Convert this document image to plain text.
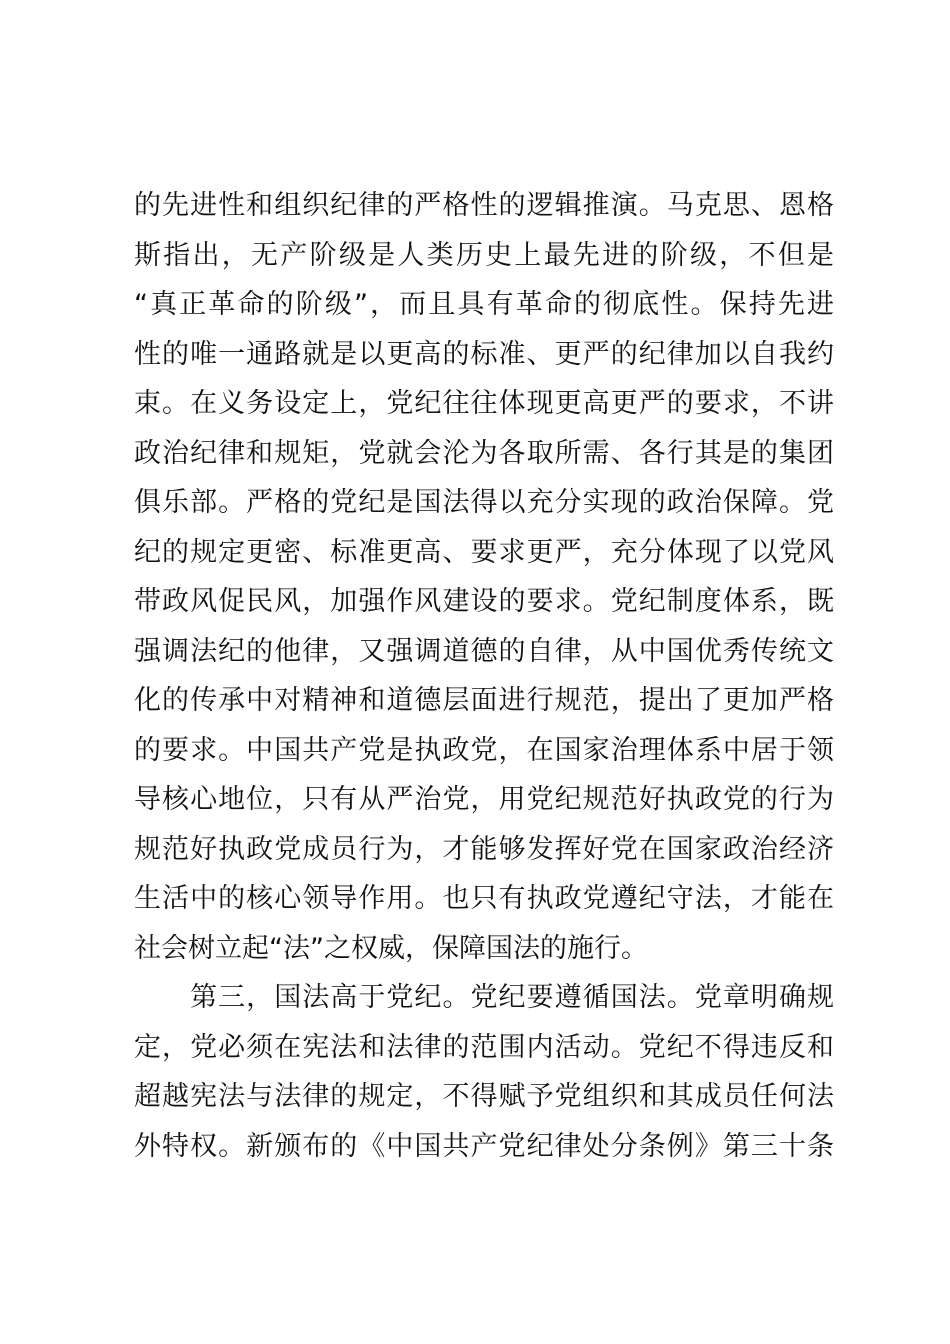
的先进性和组织纪律的严格性的逻辑推演。马克思、恩格
斯指出，无产阶级是人类历史上最先进的阶级，不但是
“真正革命的阶级”，而且具有革命的彻底性。保持先进
性的唯一通路就是以更高的标准、更严的纪律加以自我约
束。在义务设定上，党纪往往体现更高更严的要求，不讲
政治纪律和规矩，党就会沦为各取所需、各行其是的集团
俱乐部。严格的党纪是国法得以充分实现的政治保障。党
纪的规定更密、标准更高、要求更严，充分体现了以党风
带政风促民风，加强作风建设的要求。党纪制度体系，既
强调法纪的他律，又强调道德的自律，从中国优秀传统文
化的传承中对精神和道德层面进行规范，提出了更加严格
的要求。中国共产党是执政党，在国家治理体系中居于领
导核心地位，只有从严治党，用党纪规范好执政党的行为
规范好执政党成员行为，才能够发挥好党在国家政治经济
生活中的核心领导作用。也只有执政党遵纪守法，才能在
社会树立起“法”之权威，保障国法的施行。
　　第三，国法高于党纪。党纪要遵循国法。党章明确规
定，党必须在宪法和法律的范围内活动。党纪不得违反和
超越宪法与法律的规定，不得赋予党组织和其成员任何法
外特权。新颁布的《中国共产党纪律处分条例》第三十条
